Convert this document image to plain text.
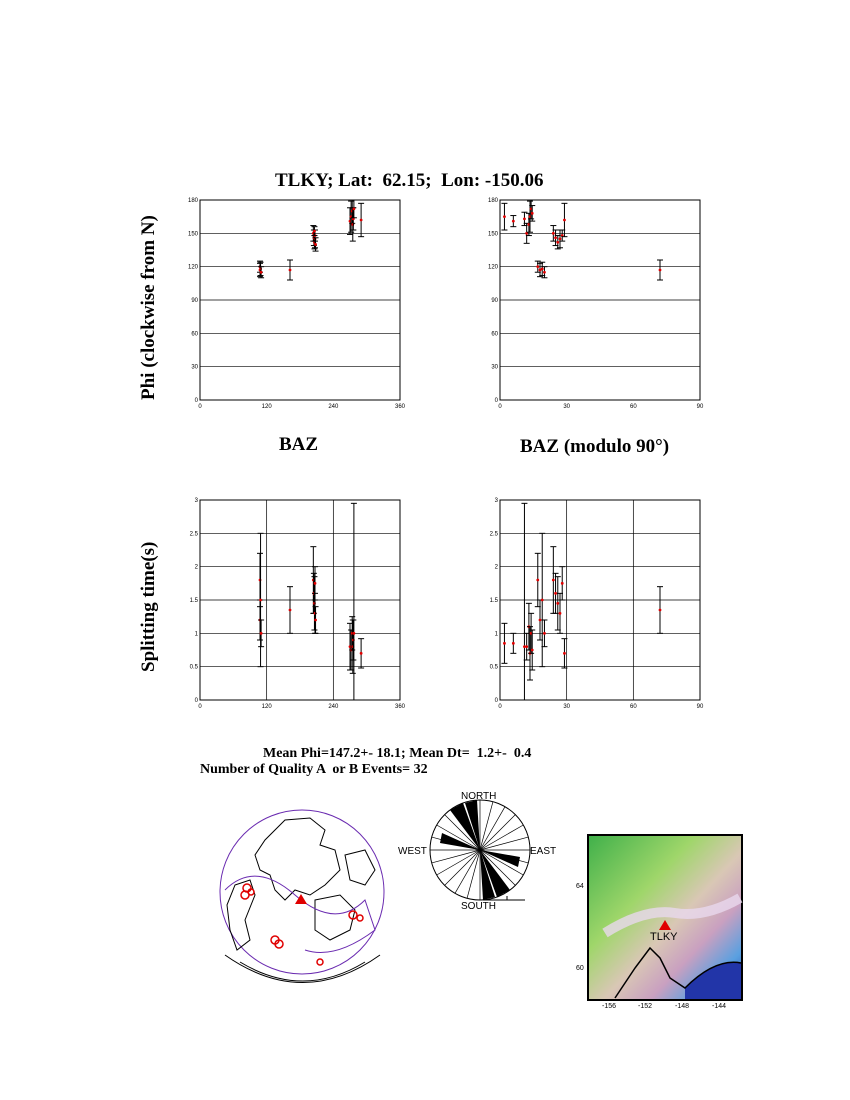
TLKY; Lat:  62.15;  Lon: -150.06
Phi (clockwise from N)
Splitting time(s)
BAZ	BAZ (modulo 90°)
0
30
60
90
120
150
180
0	120	240	360
0
30
60
90
120
150
180
0	30	60	90
0
0.5
1
1.5
2
2.5
3
0	120	240	360
0
0.5
1
1.5
2
2.5
3
0	30	60	90
Mean Phi=147.2+- 18.1; Mean Dt=  1.2+-  0.4
Number of Quality A  or B Events= 32
NORTH
SOUTH
EAST
WEST
TLKY
64
60
-156	-152	-148	-144
